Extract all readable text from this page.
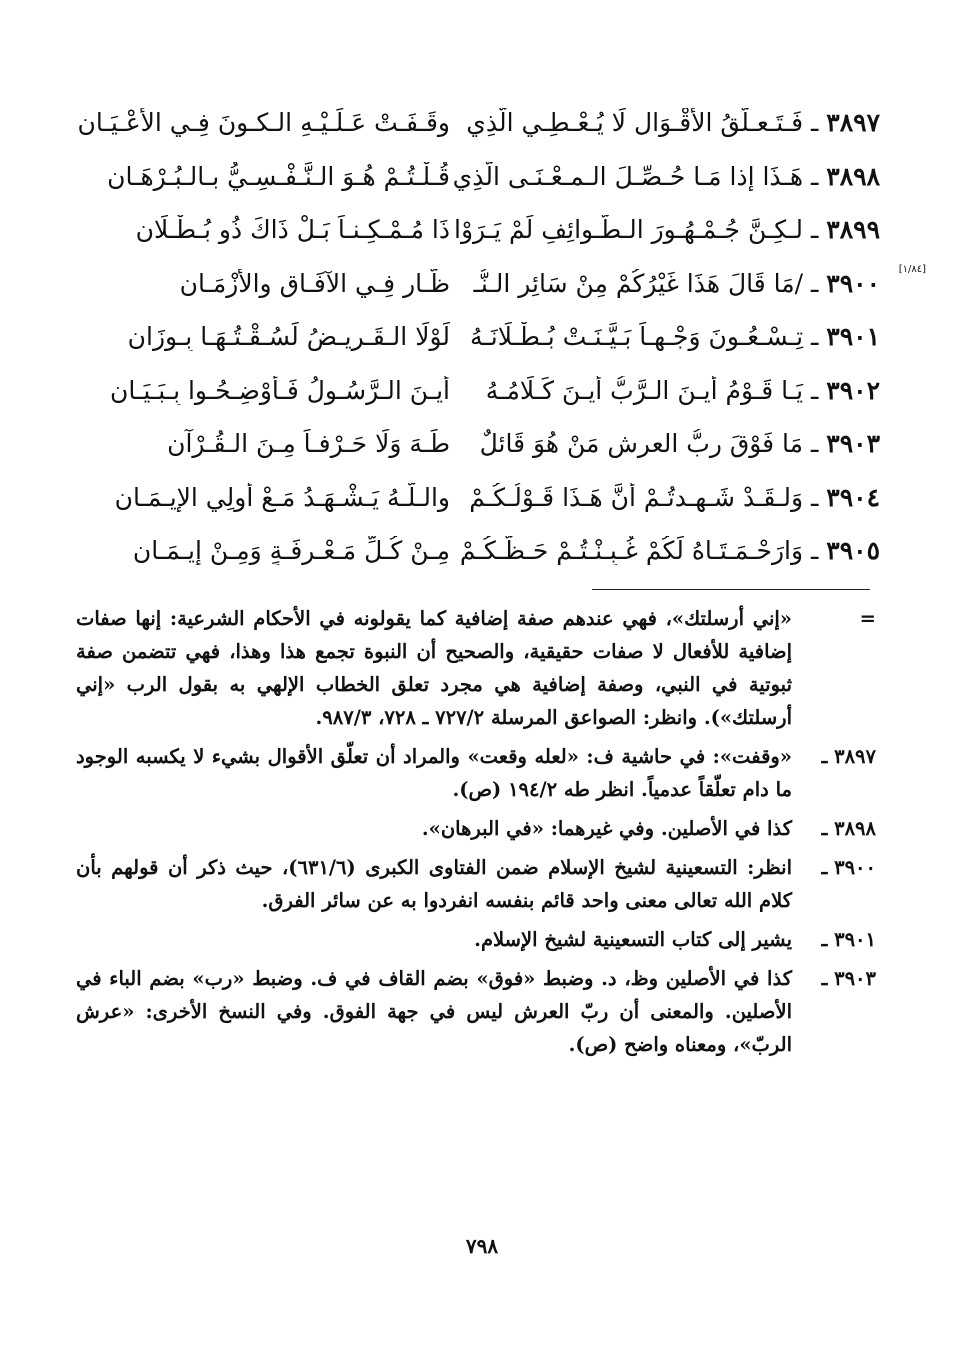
[١/٨٤]
٣٨٩٧ ـ فَـتَـعـلُّقُ الأَقْـوَالِ لَا يُـعْـطِـي الَّذِي
وقَـفَـتْ عَـلَـيْـهِ الـكـونَ فِـي الأَعْـيَـانِ
٣٨٩٨ ـ هَـذَا إذا مَـا حُـصِّـلَ الـمـعْـنَـى الَّذِي
قُـلْـتُـمْ هُـوَ الـنَّـفْـسِـيُّ بـالـبُـرْهَـانِ
٣٨٩٩ ـ لـكِـنَّ جُـمْـهُـورَ الـطَّـوائِفِ لَمْ يَـرَوْا
ذَا مُـمْـكِـنـاً بَـلْ ذَاكَ ذُو بُـطْـلَانِ
٣٩٠٠ ـ /مَا قَالَ هَذَا غَيْرُكُمْ مِنْ سَائِرِ الـنُّـ
ظَّـارِ فِـي الآفَـاقِ والأَزْمَـانِ
٣٩٠١ ـ تِـسْـعُـونَ وَجْـهـاً بَـيَّـنَـتْ بُـطْـلَانَـهُ
لَوْلَا الـقَـرِيـضُ لَسُـقْـتُـهَـا بِـوِزَانِ
٣٩٠٢ ـ يَـا قَـوْمُ أَيـنَ الـرَّبُّ أَيـنَ كَـلَامُـهُ
أَيـنَ الـرَّسُـولُ فَـأَوْضِـحُـوا بِـبَـيَـانِ
٣٩٠٣ ـ مَا فَوْقَ ربُّ العرشِ مَنْ هُوَ قَائلٌ
طَـهَ وَلَا حَـرْفـاً مِـنَ الـقُـرْآنِ
٣٩٠٤ ـ وَلـقَـدْ شَـهِـدتُـمْ أَنَّ هَـذَا قَـوْلُـكُـمْ
والـلَّـهُ يَـشْـهَـدُ مَـعْ أُولِي الإِيـمَـانِ
٣٩٠٥ ـ وَارَحْـمَـتَـاهُ لَكُمْ غُـبِـنْـتُـمْ حَـظَّـكُـمْ
مِـنْ كُـلِّ مَـعْـرِفَـةٍ وَمِـنْ إِيـمَـانِ
=
«إني أرسلتك»، فهي عندهم صفة إضافية كما يقولونه في الأحكام الشرعية: إنها صفات إضافية للأفعال لا صفات حقيقية، والصحيح أن النبوة تجمع هذا وهذا، فهي تتضمن صفة ثبوتية في النبي، وصفة إضافية هي مجرد تعلق الخطاب الإلهي به بقول الرب «إني أرسلتك»). وانظر: الصواعق المرسلة ٧٢٧/٢ ـ ٧٢٨، ٩٨٧/٣.
٣٨٩٧ ـ
«وقفت»: في حاشية ف: «لعله وقعت» والمراد أن تعلّق الأقوال بشيء لا يكسبه الوجود ما دام تعلّقاً عدمياً. انظر طه ١٩٤/٢ (ص).
٣٨٩٨ ـ
كذا في الأصلين. وفي غيرهما: «في البرهان».
٣٩٠٠ ـ
انظر: التسعينية لشيخ الإسلام ضمن الفتاوى الكبرى (٦٣١/٦)، حيث ذكر أن قولهم بأن كلام الله تعالى معنى واحد قائم بنفسه انفردوا به عن سائر الفرق.
٣٩٠١ ـ
يشير إلى كتاب التسعينية لشيخ الإسلام.
٣٩٠٣ ـ
كذا في الأصلين وظ، د. وضبط «فوق» بضم القاف في ف. وضبط «رب» بضم الباء في الأصلين. والمعنى أن ربّ العرش ليس في جهة الفوق. وفي النسخ الأخرى: «عرش الربّ»، ومعناه واضح (ص).
٧٩٨
